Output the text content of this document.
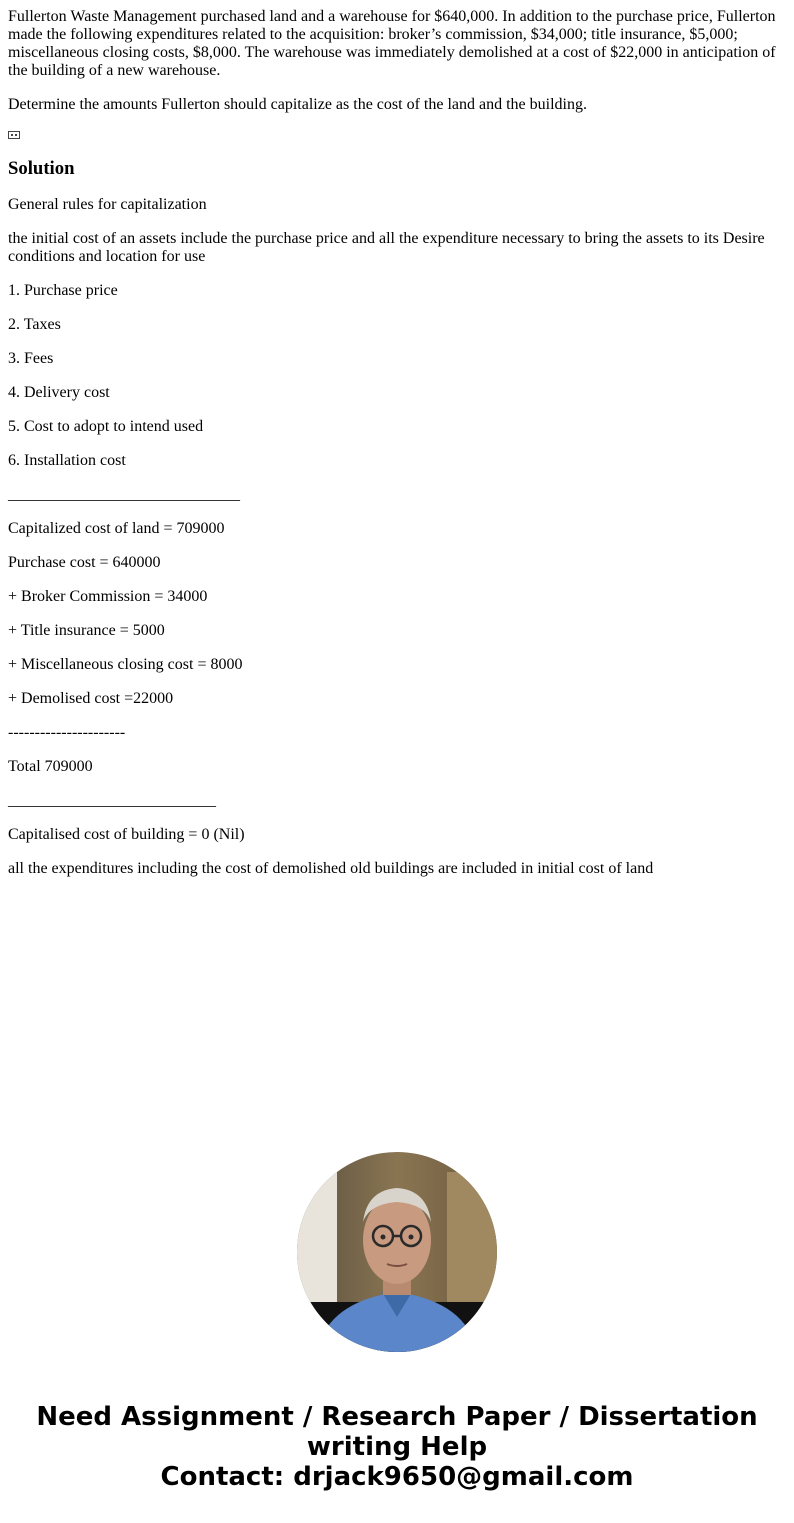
Fullerton Waste Management purchased land and a warehouse for $640,000. In addition to the purchase price, Fullerton made the following expenditures related to the acquisition: broker’s commission, $34,000; title insurance, $5,000; miscellaneous closing costs, $8,000. The warehouse was immediately demolished at a cost of $22,000 in anticipation of the building of a new warehouse.

Determine the amounts Fullerton should capitalize as the cost of the land and the building.

Solution

General rules for capitalization

the initial cost of an assets include the purchase price and all the expenditure necessary to bring the assets to its Desire conditions and location for use

1. Purchase price

2. Taxes

3. Fees

4. Delivery cost

5. Cost to adopt to intend used

6. Installation cost

_____________________________

Capitalized cost of land = 709000

Purchase cost = 640000

+ Broker Commission = 34000

+ Title insurance = 5000

+ Miscellaneous closing cost = 8000

+ Demolised cost =22000

----------------------

Total 709000

__________________________

Capitalised cost of building = 0 (Nil)

all the expenditures including the cost of demolished old buildings are included in initial cost of land

Need Assignment / Research Paper / Dissertation
writing Help
Contact: drjack9650@gmail.com
